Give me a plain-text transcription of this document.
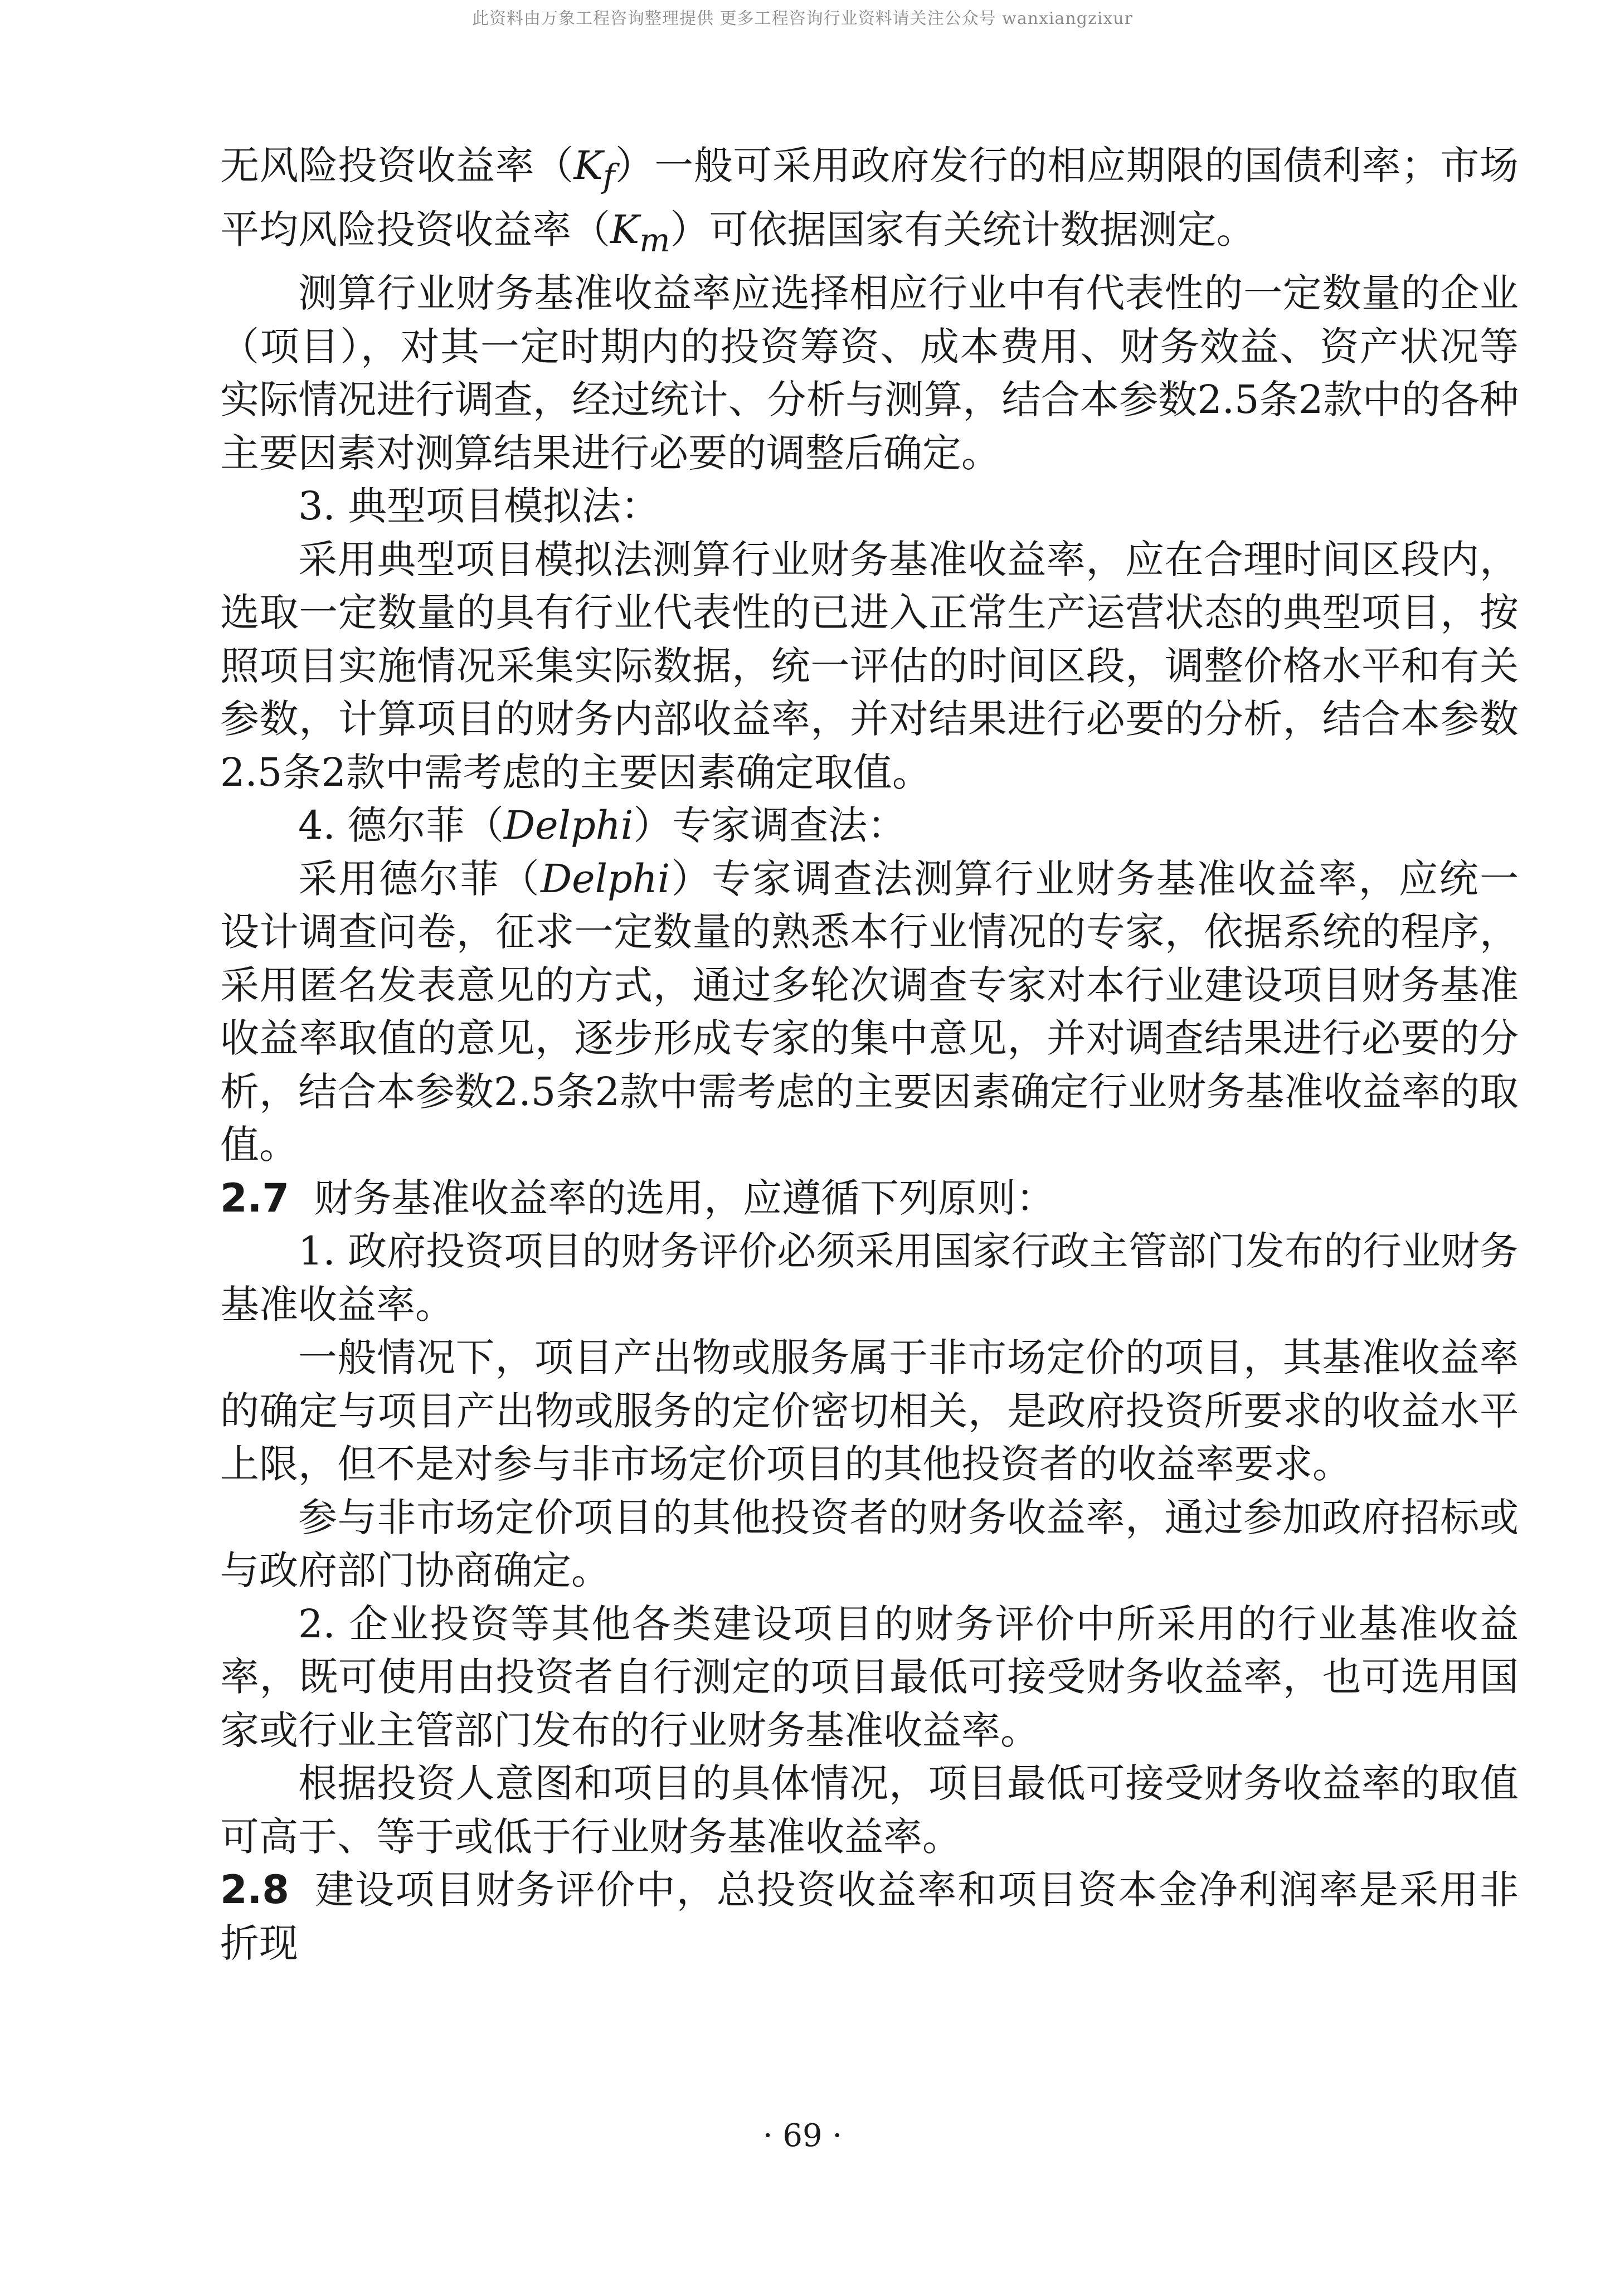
此资料由万象工程咨询整理提供 更多工程咨询行业资料请关注公众号 wanxiangzixur

无风险投资收益率$(K_f)$一般可采用政府发行的相应期限的国债利率；市场平均风险投资收益率$(K_m)$可依据国家有关统计数据测定。

测算行业财务基准收益率应选择相应行业中有代表性的一定数量的企业（项目），对其一定时期内的投资筹资、成本费用、财务效益、资产状况等实际情况进行调查，经过统计、分析与测算，结合本参数2.5条2款中的各种主要因素对测算结果进行必要的调整后确定。

3. 典型项目模拟法：

采用典型项目模拟法测算行业财务基准收益率，应在合理时间区段内，选取一定数量的具有行业代表性的已进入正常生产运营状态的典型项目，按照项目实施情况采集实际数据，统一评估的时间区段，调整价格水平和有关参数，计算项目的财务内部收益率，并对结果进行必要的分析，结合本参数2.5条2款中需考虑的主要因素确定取值。

4. 德尔菲（Delphi）专家调查法：

采用德尔菲（Delphi）专家调查法测算行业财务基准收益率，应统一设计调查问卷，征求一定数量的熟悉本行业情况的专家，依据系统的程序，采用匿名发表意见的方式，通过多轮次调查专家对本行业建设项目财务基准收益率取值的意见，逐步形成专家的集中意见，并对调查结果进行必要的分析，结合本参数2.5条2款中需考虑的主要因素确定行业财务基准收益率的取值。

2.7 财务基准收益率的选用，应遵循下列原则：

1. 政府投资项目的财务评价必须采用国家行政主管部门发布的行业财务基准收益率。

一般情况下，项目产出物或服务属于非市场定价的项目，其基准收益率的确定与项目产出物或服务的定价密切相关，是政府投资所要求的收益水平上限，但不是对参与非市场定价项目的其他投资者的收益率要求。

参与非市场定价项目的其他投资者的财务收益率，通过参加政府招标或与政府部门协商确定。

2. 企业投资等其他各类建设项目的财务评价中所采用的行业基准收益率，既可使用由投资者自行测定的项目最低可接受财务收益率，也可选用国家或行业主管部门发布的行业财务基准收益率。

根据投资人意图和项目的具体情况，项目最低可接受财务收益率的取值可高于、等于或低于行业财务基准收益率。

2.8 建设项目财务评价中，总投资收益率和项目资本金净利润率是采用非折现

· 69 ·
